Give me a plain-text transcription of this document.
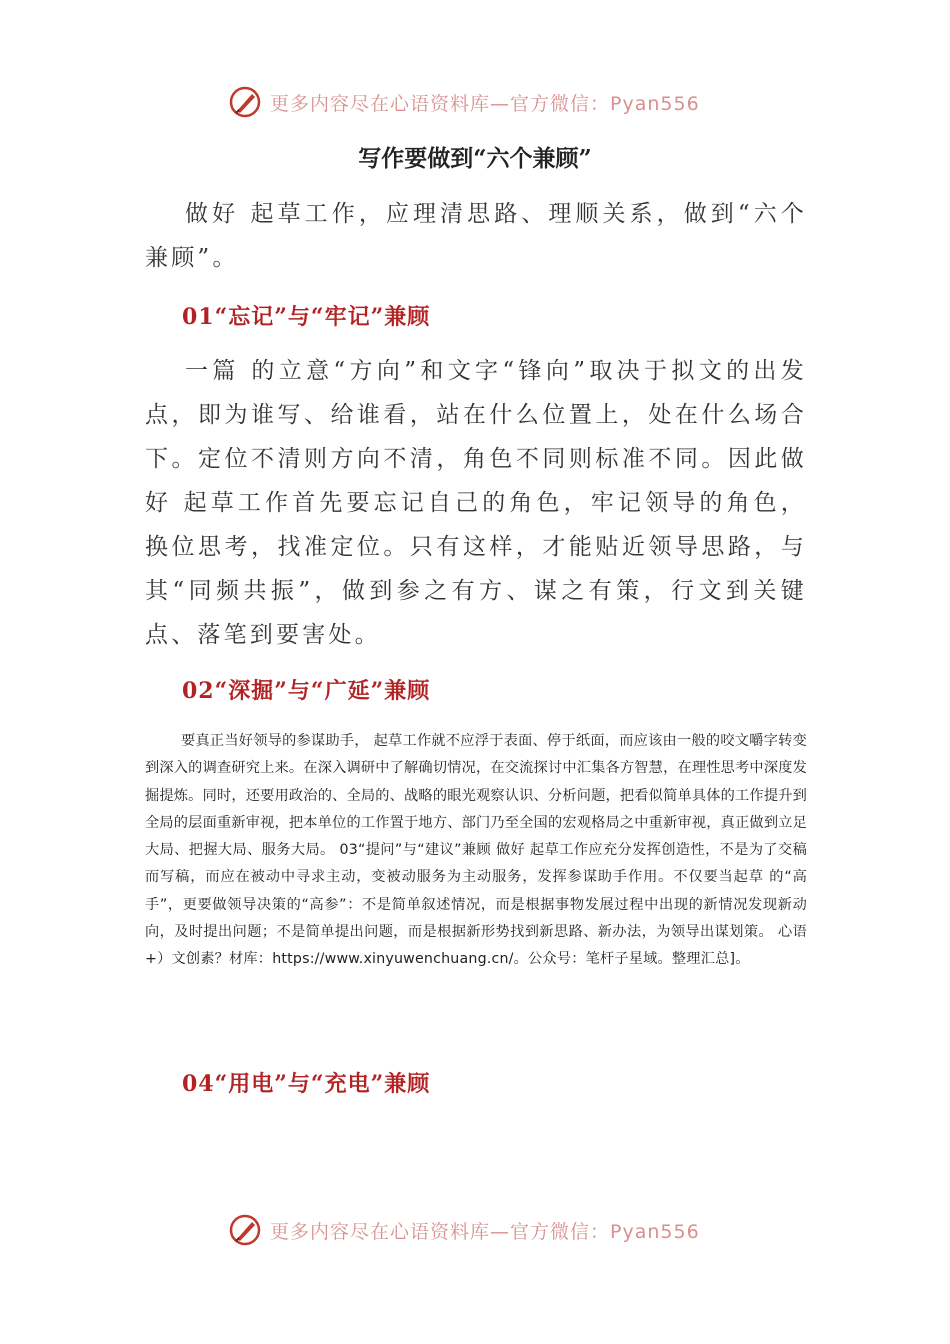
更多内容尽在心语资料库—官方微信：Pyan556
写作要做到“六个兼顾”

做好 起草工作，应理清思路、理顺关系，做到“六个兼顾”。

01“忘记”与“牢记”兼顾

一篇 的立意“方向”和文字“锋向”取决于拟文的出发点，即为谁写、给谁看，站在什么位置上，处在什么场合下。定位不清则方向不清，角色不同则标准不同。因此做好 起草工作首先要忘记自己的角色，牢记领导的角色，换位思考，找准定位。只有这样，才能贴近领导思路，与其“同频共振”，做到参之有方、谋之有策，行文到关键点、落笔到要害处。

02“深掘”与“广延”兼顾

要真正当好领导的参谋助手， 起草工作就不应浮于表面、停于纸面，而应该由一般的咬文嚼字转变到深入的调查研究上来。在深入调研中了解确切情况，在交流探讨中汇集各方智慧，在理性思考中深度发掘提炼。同时，还要用政治的、全局的、战略的眼光观察认识、分析问题，把看似简单具体的工作提升到全局的层面重新审视，把本单位的工作置于地方、部门乃至全国的宏观格局之中重新审视，真正做到立足大局、把握大局、服务大局。 03“提问”与“建议”兼顾 做好 起草工作应充分发挥创造性，不是为了交稿而写稿，而应在被动中寻求主动，变被动服务为主动服务，发挥参谋助手作用。不仅要当起草 的“高手”，更要做领导决策的“高参”：不是简单叙述情况，而是根据事物发展过程中出现的新情况发现新动向，及时提出问题；不是简单提出问题，而是根据新形势找到新思路、新办法，为领导出谋划策。 心语+）文创素？材库：https://www.xinyuwenchuang.cn/。公众号：笔杆子星域。整理汇总]。

04“用电”与“充电”兼顾
更多内容尽在心语资料库—官方微信：Pyan556
